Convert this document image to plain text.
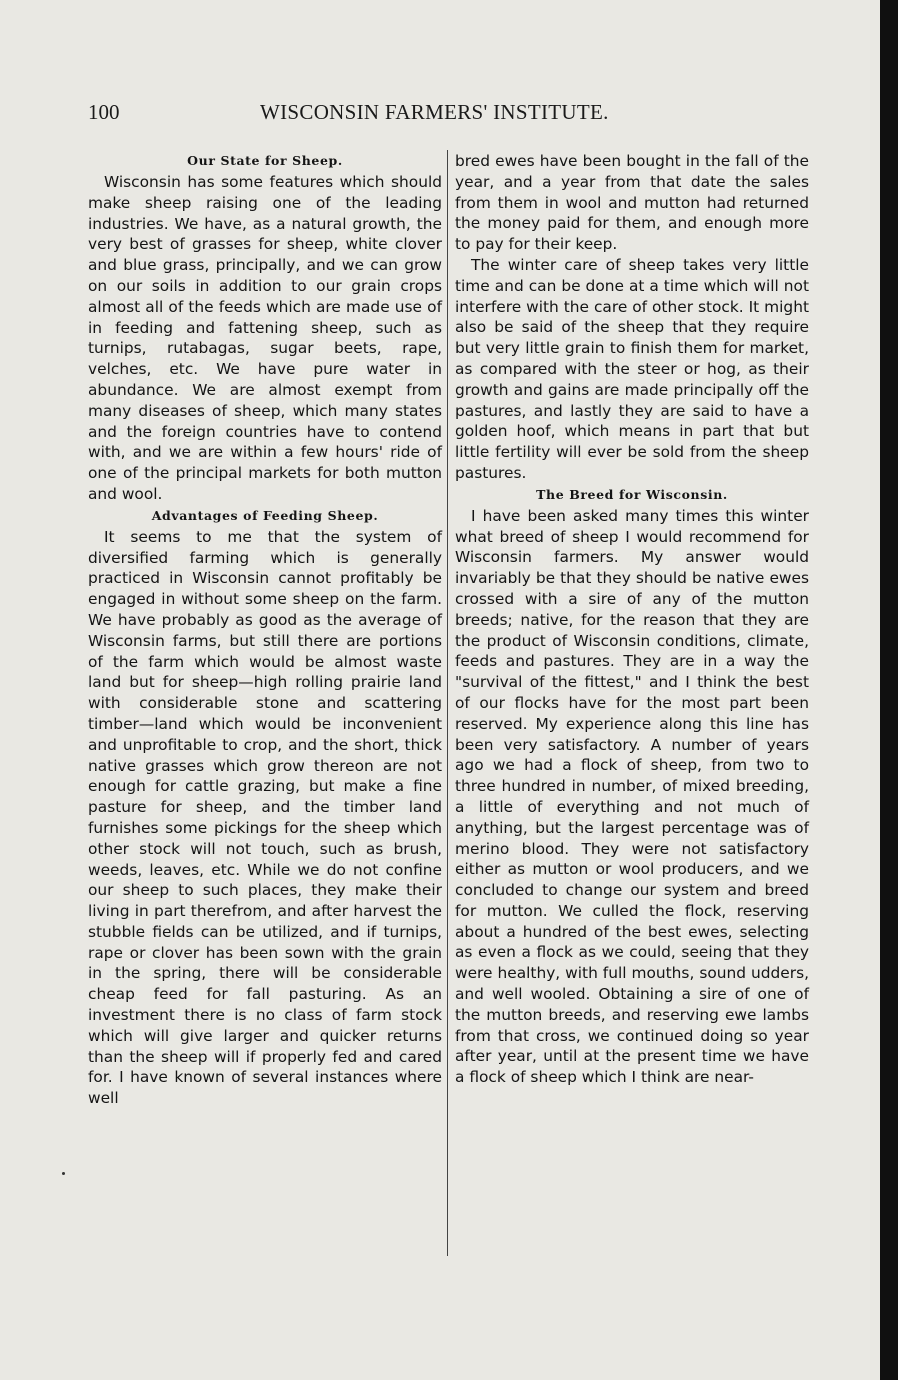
100	WISCONSIN FARMERS' INSTITUTE.
Our State for Sheep.

Wisconsin has some features which should make sheep raising one of the leading industries. We have, as a natural growth, the very best of grasses for sheep, white clover and blue grass, principally, and we can grow on our soils in addition to our grain crops almost all of the feeds which are made use of in feeding and fattening sheep, such as turnips, rutabagas, sugar beets, rape, velches, etc. We have pure water in abundance. We are almost exempt from many diseases of sheep, which many states and the foreign countries have to contend with, and we are within a few hours' ride of one of the principal markets for both mutton and wool.

Advantages of Feeding Sheep.

It seems to me that the system of diversified farming which is generally practiced in Wisconsin cannot profitably be engaged in without some sheep on the farm. We have probably as good as the average of Wisconsin farms, but still there are portions of the farm which would be almost waste land but for sheep—high rolling prairie land with considerable stone and scattering timber—land which would be inconvenient and unprofitable to crop, and the short, thick native grasses which grow thereon are not enough for cattle grazing, but make a fine pasture for sheep, and the timber land furnishes some pickings for the sheep which other stock will not touch, such as brush, weeds, leaves, etc. While we do not confine our sheep to such places, they make their living in part therefrom, and after harvest the stubble fields can be utilized, and if turnips, rape or clover has been sown with the grain in the spring, there will be considerable cheap feed for fall pasturing. As an investment there is no class of farm stock which will give larger and quicker returns than the sheep will if properly fed and cared for. I have known of several instances where well

bred ewes have been bought in the fall of the year, and a year from that date the sales from them in wool and mutton had returned the money paid for them, and enough more to pay for their keep.

The winter care of sheep takes very little time and can be done at a time which will not interfere with the care of other stock. It might also be said of the sheep that they require but very little grain to finish them for market, as compared with the steer or hog, as their growth and gains are made principally off the pastures, and lastly they are said to have a golden hoof, which means in part that but little fertility will ever be sold from the sheep pastures.

The Breed for Wisconsin.

I have been asked many times this winter what breed of sheep I would recommend for Wisconsin farmers. My answer would invariably be that they should be native ewes crossed with a sire of any of the mutton breeds; native, for the reason that they are the product of Wisconsin conditions, climate, feeds and pastures. They are in a way the "survival of the fittest," and I think the best of our flocks have for the most part been reserved. My experience along this line has been very satisfactory. A number of years ago we had a flock of sheep, from two to three hundred in number, of mixed breeding, a little of everything and not much of anything, but the largest percentage was of merino blood. They were not satisfactory either as mutton or wool producers, and we concluded to change our system and breed for mutton. We culled the flock, reserving about a hundred of the best ewes, selecting as even a flock as we could, seeing that they were healthy, with full mouths, sound udders, and well wooled. Obtaining a sire of one of the mutton breeds, and reserving ewe lambs from that cross, we continued doing so year after year, until at the present time we have a flock of sheep which I think are near-
